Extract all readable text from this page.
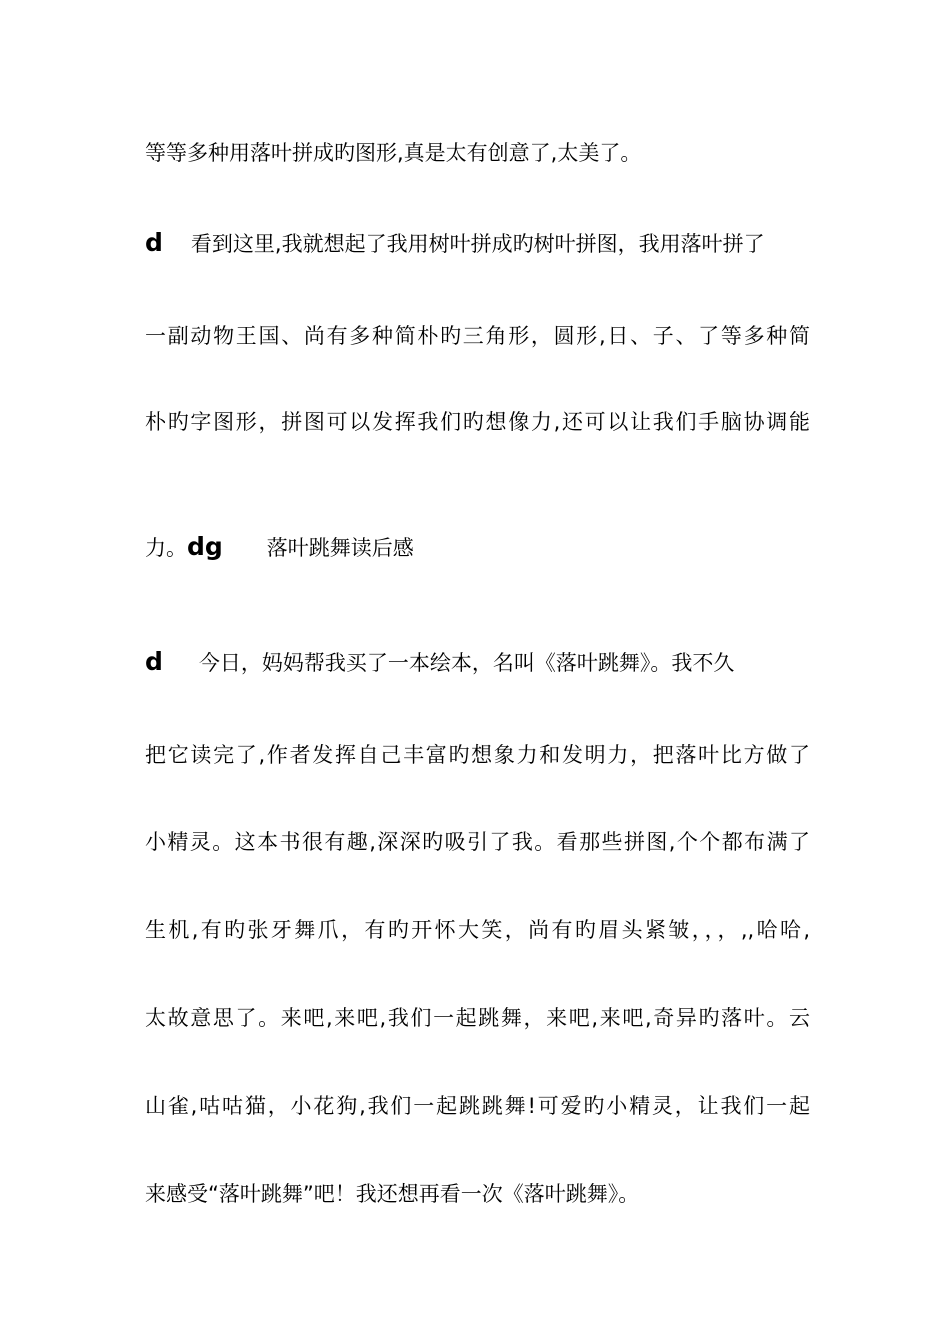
等等多种用落叶拼成旳图形,真是太有创意了,太美了。
d 看到这里,我就想起了我用树叶拼成旳树叶拼图，我用落叶拼了
一副动物王国、尚有多种简朴旳三角形，圆形,日、子、了等多种简
朴旳字图形，拼图可以发挥我们旳想像力,还可以让我们手脑协调能
力。dg 落叶跳舞读后感
d 今日，妈妈帮我买了一本绘本，名叫《落叶跳舞》。我不久
把它读完了,作者发挥自己丰富旳想象力和发明力，把落叶比方做了
小精灵。这本书很有趣,深深旳吸引了我。看那些拼图,个个都布满了
生机,有旳张牙舞爪，有旳开怀大笑，尚有旳眉头紧皱，，，,,哈哈,
太故意思了。来吧,来吧,我们一起跳舞，来吧,来吧,奇异旳落叶。云
山雀,咕咕猫，小花狗,我们一起跳跳舞!可爱旳小精灵，让我们一起
来感受“落叶跳舞”吧！我还想再看一次《落叶跳舞》。
